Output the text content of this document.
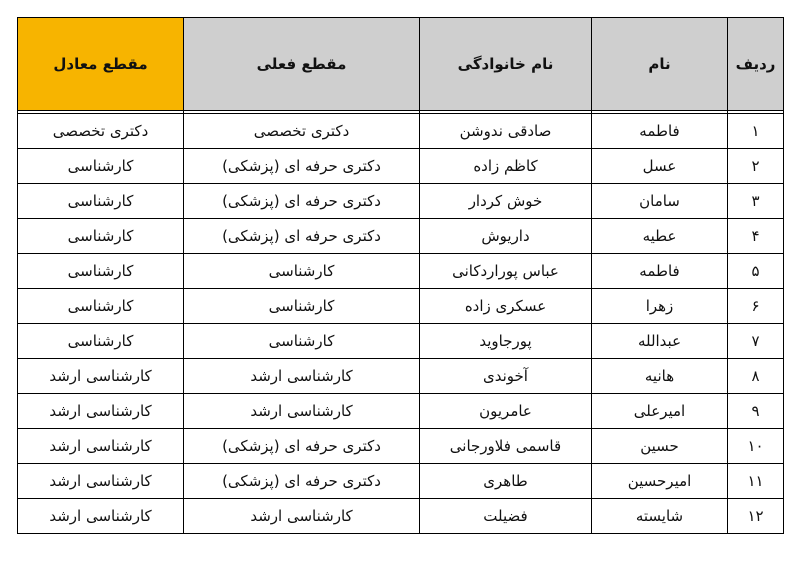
ردیف	نام	نام خانوادگی	مقطع فعلی	مقطع معادل

۱	فاطمه	صادقی ندوشن	دکتری تخصصی	دکتری تخصصی
۲	عسل	کاظم زاده	دکتری حرفه ای (پزشکی)	کارشناسی
۳	سامان	خوش کردار	دکتری حرفه ای (پزشکی)	کارشناسی
۴	عطیه	داریوش	دکتری حرفه ای (پزشکی)	کارشناسی
۵	فاطمه	عباس پوراردکانی	کارشناسی	کارشناسی
۶	زهرا	عسکری زاده	کارشناسی	کارشناسی
۷	عبدالله	پورجاوید	کارشناسی	کارشناسی
۸	هانیه	آخوندی	کارشناسی ارشد	کارشناسی ارشد
۹	امیرعلی	عامریون	کارشناسی ارشد	کارشناسی ارشد
۱۰	حسین	قاسمی فلاورجانی	دکتری حرفه ای (پزشکی)	کارشناسی ارشد
۱۱	امیرحسین	طاهری	دکتری حرفه ای (پزشکی)	کارشناسی ارشد
۱۲	شایسته	فضیلت	کارشناسی ارشد	کارشناسی ارشد
